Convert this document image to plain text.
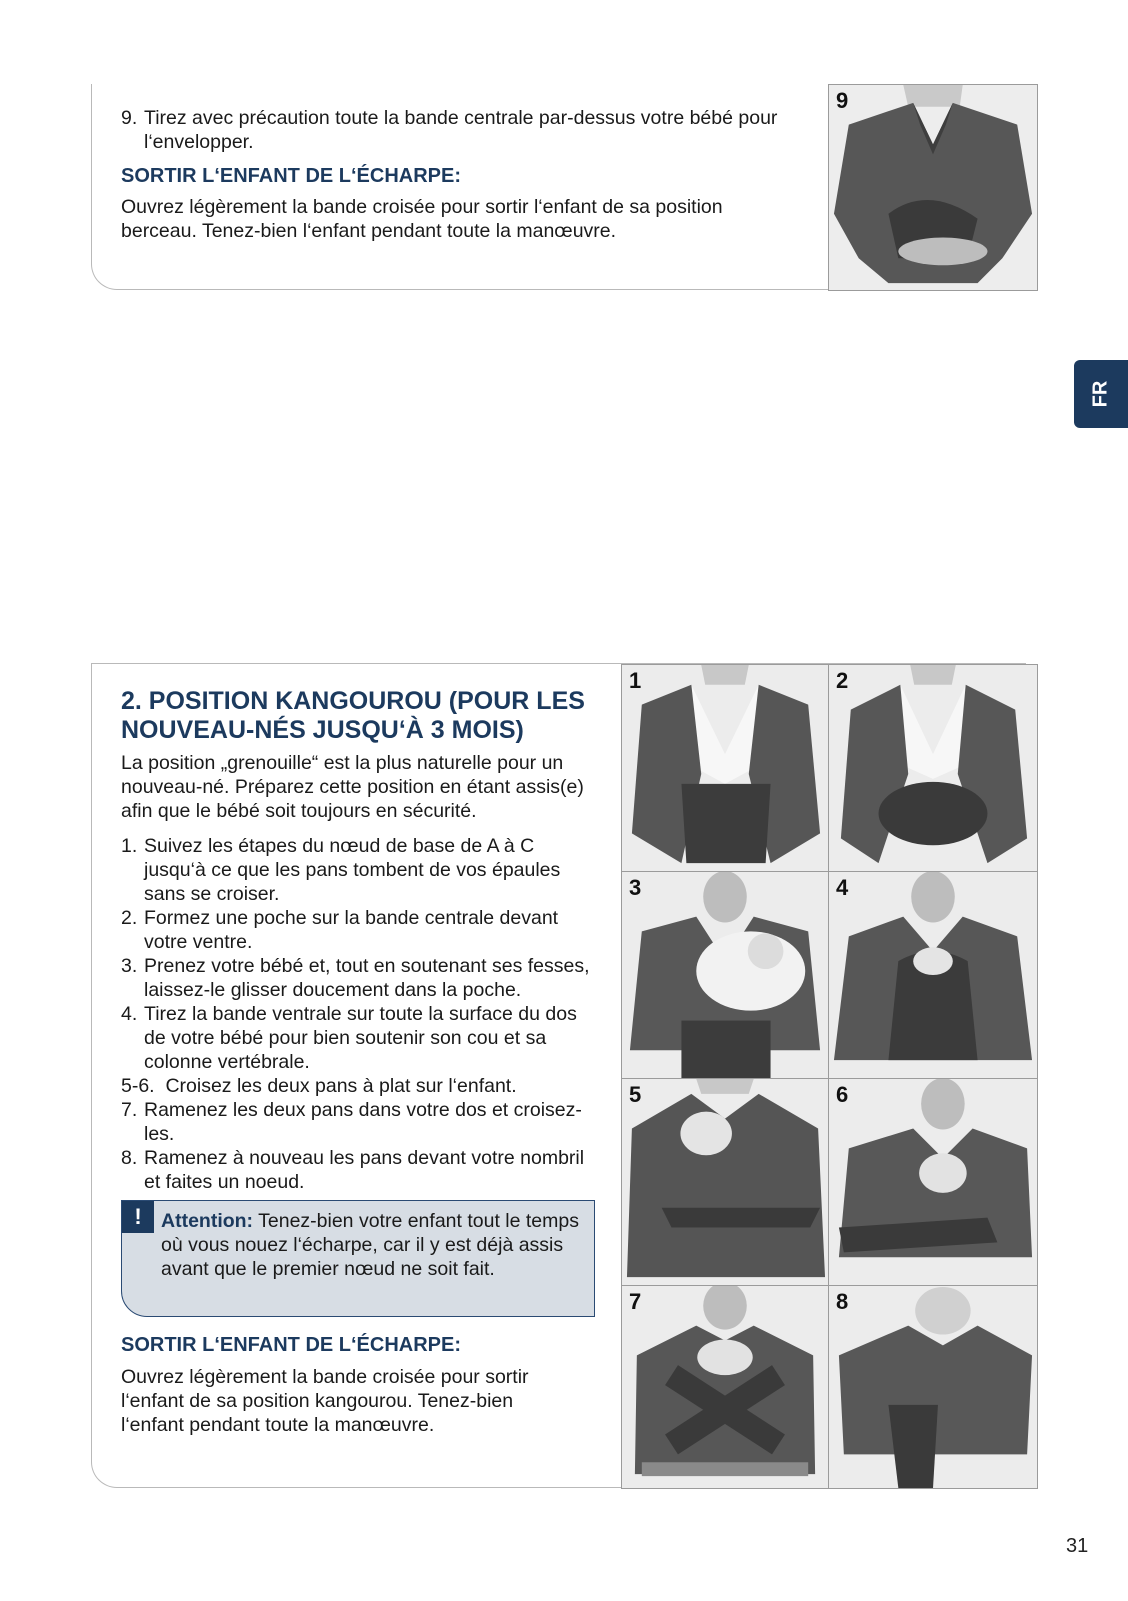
9. Tirez avec précaution toute la bande centrale par-dessus votre bébé pour l‘envelopper.
SORTIR L‘ENFANT DE L‘ÉCHARPE:
Ouvrez légèrement la bande croisée pour sortir l‘enfant de sa position berceau. Tenez-bien l‘enfant pendant toute la manœuvre.
9
FR
2. POSITION KANGOUROU (POUR LES
NOUVEAU-NÉS JUSQU‘À 3 MOIS)
La position „grenouille“ est la plus naturelle pour un nouveau-né. Préparez cette position en étant assis(e) afin que le bébé soit toujours en sécurité.
1. Suivez les étapes du nœud de base de A à C jusqu‘à ce que les pans tombent de vos épaules sans se croiser.
2. Formez une poche sur la bande centrale devant votre ventre.
3. Prenez votre bébé et, tout en soutenant ses fesses, laissez-le glisser doucement dans la poche.
4. Tirez la bande ventrale sur toute la surface du dos de votre bébé pour bien soutenir son cou et sa colonne vertébrale.
5-6. Croisez les deux pans à plat sur l‘enfant.
7. Ramenez les deux pans dans votre dos et croisez-les.
8. Ramenez à nouveau les pans devant votre nombril et faites un noeud.
! Attention: Tenez-bien votre enfant tout le temps où vous nouez l‘écharpe, car il y est déjà assis avant que le premier nœud ne soit fait.
SORTIR L‘ENFANT DE L‘ÉCHARPE:
Ouvrez légèrement la bande croisée pour sortir l‘enfant de sa position kangourou. Tenez-bien l‘enfant pendant toute la manœuvre.
1	2
3	4
5	6
7	8
31
